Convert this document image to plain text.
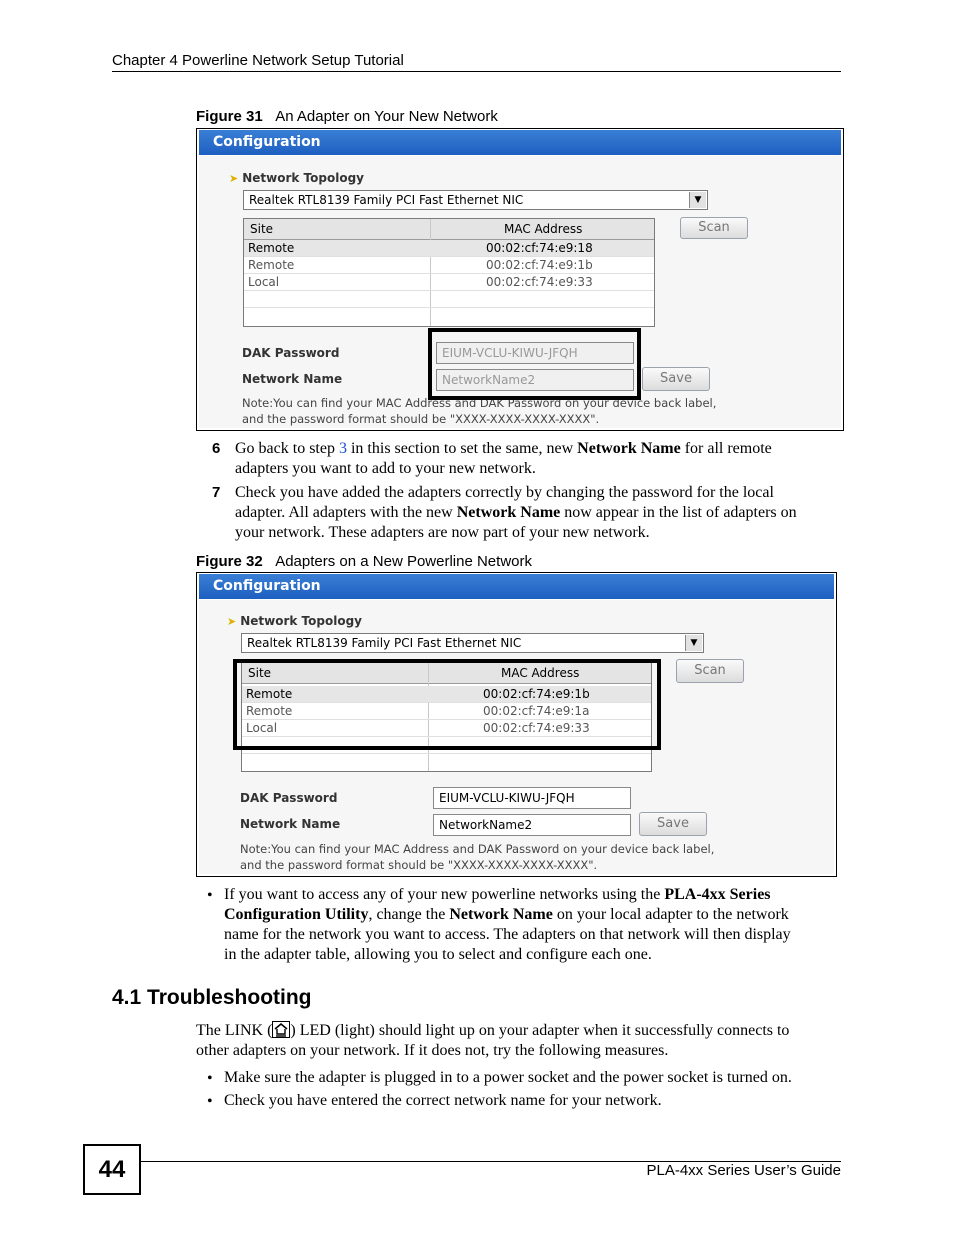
Chapter 4 Powerline Network Setup Tutorial
Figure 31 An Adapter on Your New Network
Configuration
➤ Network Topology
Realtek RTL8139 Family PCI Fast Ethernet NIC	▼
Site	MAC Address
Remote	00:02:cf:74:e9:18
Remote	00:02:cf:74:e9:1b
Local	00:02:cf:74:e9:33
Scan
DAK Password	EIUM-VCLU-KIWU-JFQH
Network Name	NetworkName2	Save
Note:You can find your MAC Address and DAK Password on your device back label,
and the password format should be "XXXX-XXXX-XXXX-XXXX".
6 Go back to step 3 in this section to set the same, new Network Name for all remote
adapters you want to add to your new network.
7 Check you have added the adapters correctly by changing the password for the local
adapter. All adapters with the new Network Name now appear in the list of adapters on
your network. These adapters are now part of your new network.
Figure 32 Adapters on a New Powerline Network
Configuration
➤ Network Topology
Realtek RTL8139 Family PCI Fast Ethernet NIC	▼
Site	MAC Address
Remote	00:02:cf:74:e9:1b
Remote	00:02:cf:74:e9:1a
Local	00:02:cf:74:e9:33
Scan
DAK Password	EIUM-VCLU-KIWU-JFQH
Network Name	NetworkName2	Save
Note:You can find your MAC Address and DAK Password on your device back label,
and the password format should be "XXXX-XXXX-XXXX-XXXX".
• If you want to access any of your new powerline networks using the PLA-4xx Series
Configuration Utility, change the Network Name on your local adapter to the network
name for the network you want to access. The adapters on that network will then display
in the adapter table, allowing you to select and configure each one.
4.1 Troubleshooting
The LINK ( ) LED (light) should light up on your adapter when it successfully connects to
other adapters on your network. If it does not, try the following measures.
• Make sure the adapter is plugged in to a power socket and the power socket is turned on.
• Check you have entered the correct network name for your network.
44	PLA-4xx Series User’s Guide
